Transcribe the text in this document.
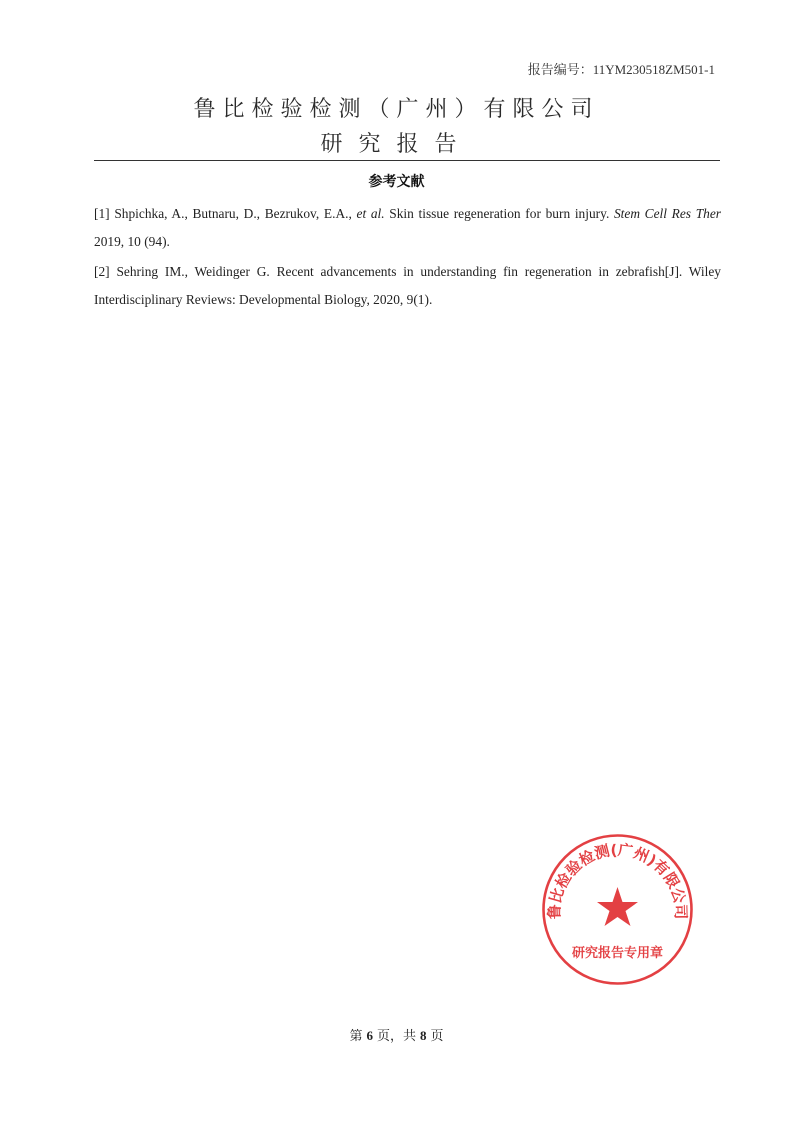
报告编号：11YM230518ZM501-1
鲁比检验检测（广州）有限公司
研究报告
参考文献

[1] Shpichka, A., Butnaru, D., Bezrukov, E.A., et al. Skin tissue regeneration for burn injury. Stem Cell Res Ther 2019, 10 (94).

[2] Sehring IM., Weidinger G. Recent advancements in understanding fin regeneration in zebrafish[J]. Wiley Interdisciplinary Reviews: Developmental Biology, 2020, 9(1).

鲁比检验检测(广州)有限公司
研究报告专用章
第 6 页，共 8 页
